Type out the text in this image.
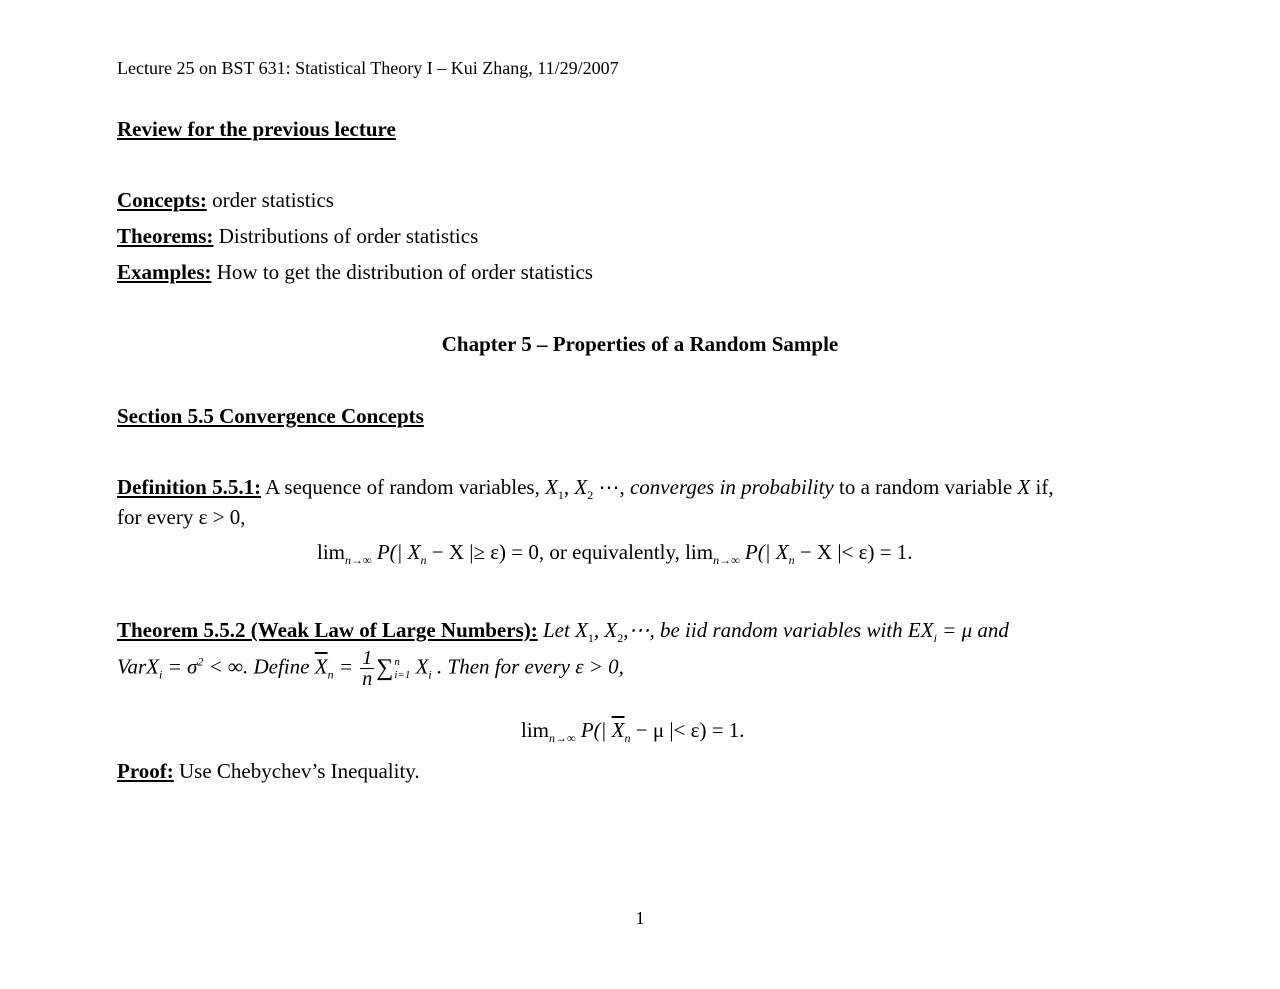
Lecture 25 on BST 631: Statistical Theory I – Kui Zhang, 11/29/2007
Review for the previous lecture
Concepts: order statistics
Theorems: Distributions of order statistics
Examples: How to get the distribution of order statistics
Chapter 5 – Properties of a Random Sample
Section 5.5 Convergence Concepts
Definition 5.5.1: A sequence of random variables, $X_1$, $X_2$ ⋯, converges in probability to a random variable X if,
for every ε > 0,
$\lim_{n\to\infty} P(|$ $X_n - X$ |≥ ε) = 0, or equivalently, $\lim_{n\to\infty} P(|$ $X_n - X$ |< ε) = 1.
Theorem 5.5.2 (Weak Law of Large Numbers): Let $X_1$, $X_2,\cdots$, be iid random variables with $EX_i = \mu$ and
VarX$_i$ = $\sigma^2$ < ∞. Define $\overline{X}_n = \frac{1}{n}$ ∑ n
i=1 $X_i$ . Then for every ε > 0,
$\lim_{n\to\infty} P(|$ $\overline{X}_n - \mu$ |< ε) = 1.
Proof: Use Chebychev’s Inequality.
1
